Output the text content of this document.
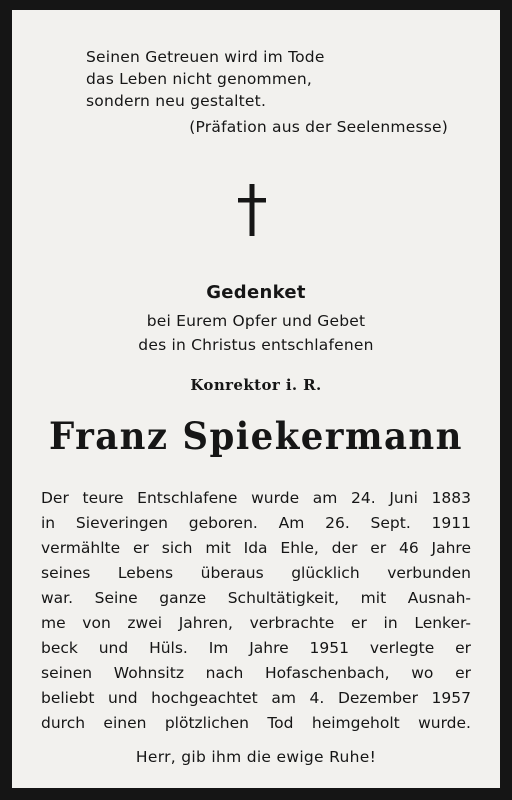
Seinen Getreuen wird im Tode
das Leben nicht genommen,
sondern neu gestaltet.
(Präfation aus der Seelenmesse)
Gedenket
bei Eurem Opfer und Gebet
des in Christus entschlafenen
Konrektor i. R.
Franz Spiekermann

Der teure Entschlafene wurde am 24. Juni 1883
in Sieveringen geboren. Am 26. Sept. 1911
vermählte er sich mit Ida Ehle, der er 46 Jahre
seines Lebens überaus glücklich verbunden
war. Seine ganze Schultätigkeit, mit Ausnah-
me von zwei Jahren, verbrachte er in Lenker-
beck und Hüls. Im Jahre 1951 verlegte er
seinen Wohnsitz nach Hofaschenbach, wo er
beliebt und hochgeachtet am 4. Dezember 1957
durch einen plötzlichen Tod heimgeholt wurde.

Herr, gib ihm die ewige Ruhe!
